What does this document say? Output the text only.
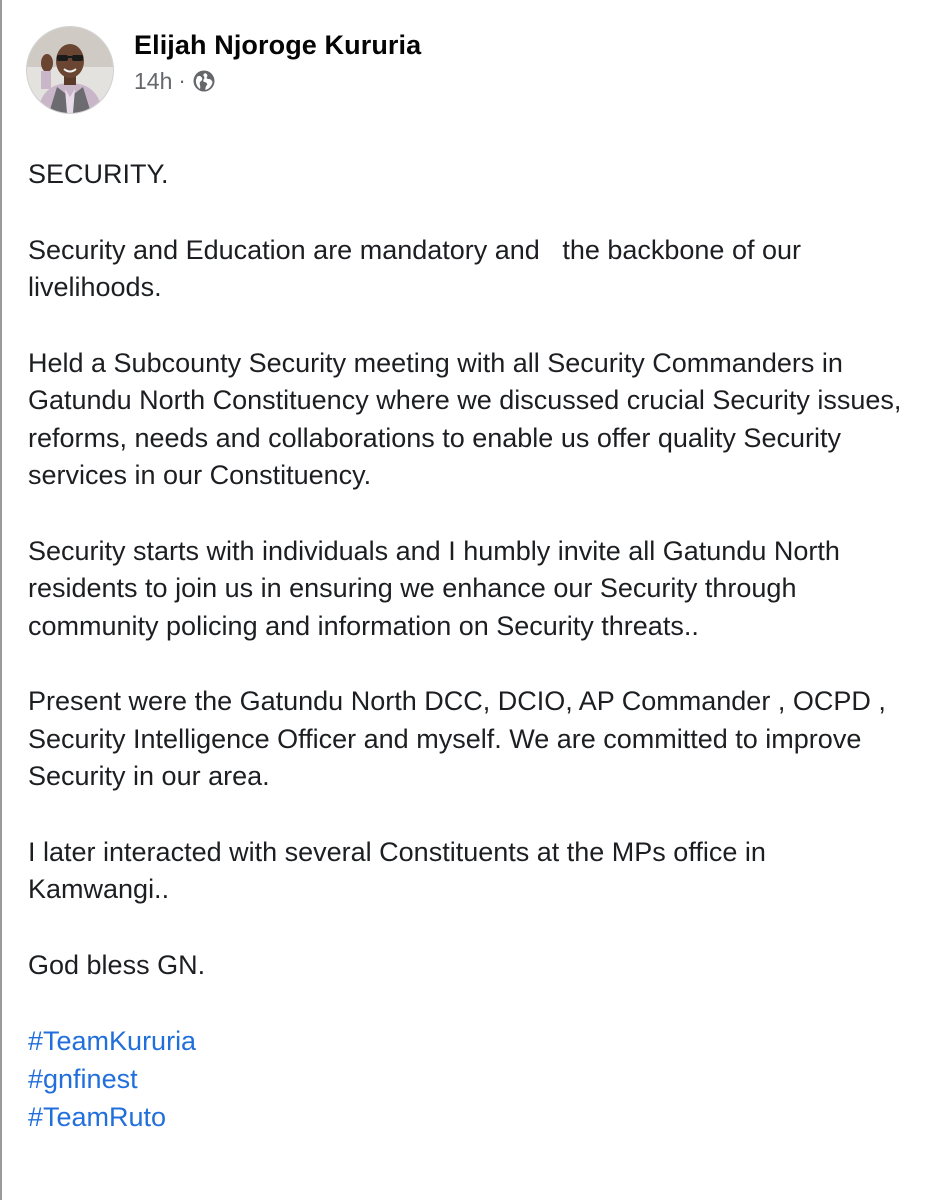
Elijah Njoroge Kururia
14h ·

SECURITY.

Security and Education are mandatory and   the backbone of our livelihoods.

Held a Subcounty Security meeting with all Security Commanders in Gatundu North Constituency where we discussed crucial Security issues, reforms, needs and collaborations to enable us offer quality Security services in our Constituency.

Security starts with individuals and I humbly invite all Gatundu North residents to join us in ensuring we enhance our Security through community policing and information on Security threats..

Present were the Gatundu North DCC, DCIO, AP Commander , OCPD , Security Intelligence Officer and myself. We are committed to improve Security in our area.

I later interacted with several Constituents at the MPs office in Kamwangi..

God bless GN.

#TeamKururia
#gnfinest
#TeamRuto
